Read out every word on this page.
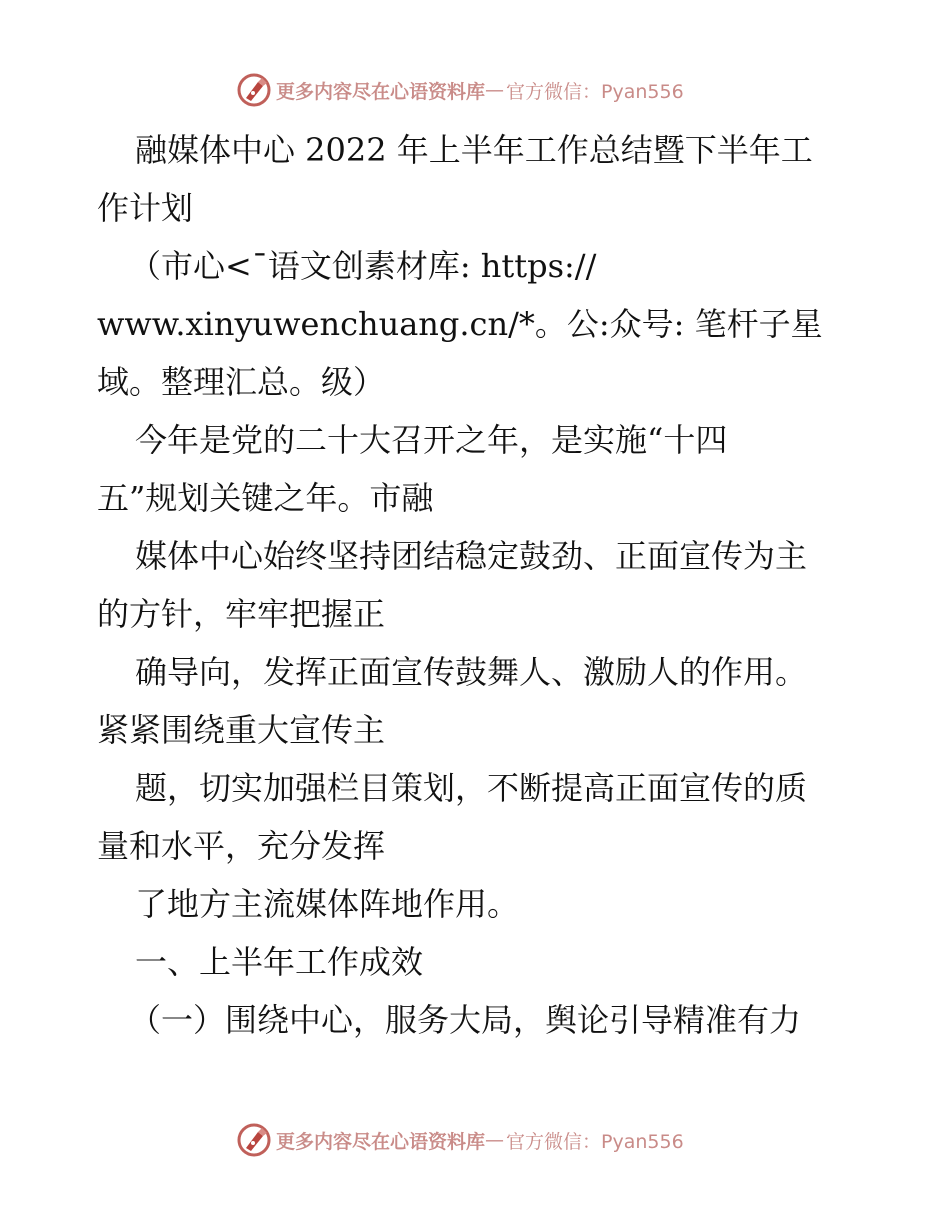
更多内容尽在心语资料库 — 官方微信：Pyan556
融媒体中心 2022 年上半年工作总结暨下半年工
作计划
（市心<¯语文创素材库: https://
www.xinyuwenchuang.cn/*。公:众号: 笔杆子星
域。整理汇总。级）
今年是党的二十大召开之年，是实施“十四
五”规划关键之年。市融
媒体中心始终坚持团结稳定鼓劲、正面宣传为主
的方针，牢牢把握正
确导向，发挥正面宣传鼓舞人、激励人的作用。
紧紧围绕重大宣传主
题，切实加强栏目策划，不断提高正面宣传的质
量和水平，充分发挥
了地方主流媒体阵地作用。
一、上半年工作成效
（一）围绕中心，服务大局，舆论引导精准有力
更多内容尽在心语资料库 — 官方微信：Pyan556
